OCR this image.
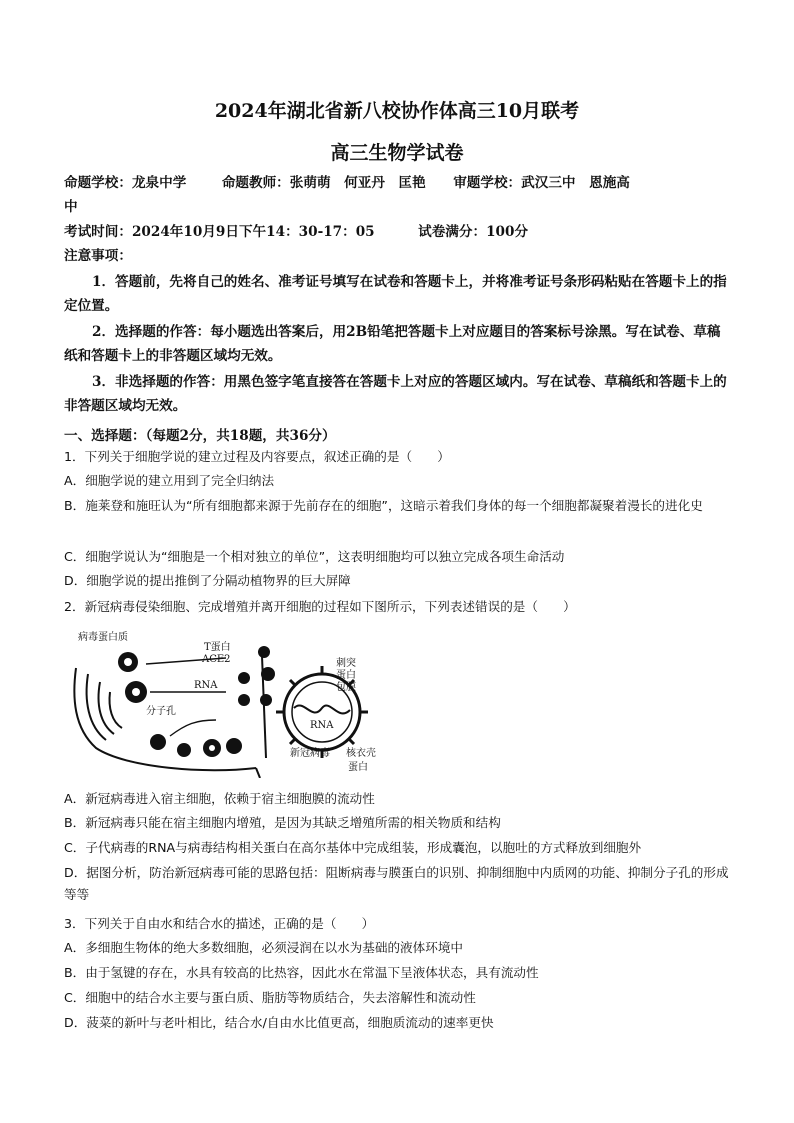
2024年湖北省新八校协作体高三10月联考
高三生物学试卷
命题学校：龙泉中学	命题教师：张萌萌　何亚丹　匡艳 审题学校：武汉三中　恩施高
中
考试时间：2024年10月9日下午14：30-17：05	试卷满分：100分
注意事项：
1．答题前，先将自己的姓名、准考证号填写在试卷和答题卡上，并将准考证号条形码粘贴在答题卡上的指定位置。
2．选择题的作答：每小题选出答案后，用2B铅笔把答题卡上对应题目的答案标号涂黑。写在试卷、草稿纸和答题卡上的非答题区域均无效。
3．非选择题的作答：用黑色签字笔直接答在答题卡上对应的答题区域内。写在试卷、草稿纸和答题卡上的非答题区域均无效。
一、选择题：（每题2分，共18题，共36分）
1．下列关于细胞学说的建立过程及内容要点，叙述正确的是（　　）
A．细胞学说的建立用到了完全归纳法
B．施莱登和施旺认为“所有细胞都来源于先前存在的细胞”，这暗示着我们身体的每一个细胞都凝聚着漫长的进化史
C．细胞学说认为“细胞是一个相对独立的单位”，这表明细胞均可以独立完成各项生命活动
D．细胞学说的提出推倒了分隔动植物界的巨大屏障
2．新冠病毒侵染细胞、完成增殖并离开细胞的过程如下图所示，下列表述错误的是（　　）
病毒蛋白质
T蛋白
ACE2
RNA
分子孔
刺突
蛋白
包膜
RNA
新冠病毒 核衣壳
蛋白
A．新冠病毒进入宿主细胞，依赖于宿主细胞膜的流动性
B．新冠病毒只能在宿主细胞内增殖，是因为其缺乏增殖所需的相关物质和结构
C．子代病毒的RNA与病毒结构相关蛋白在高尔基体中完成组装，形成囊泡，以胞吐的方式释放到细胞外
D．据图分析，防治新冠病毒可能的思路包括：阻断病毒与膜蛋白的识别、抑制细胞中内质网的功能、抑制分子孔的形成等等
3．下列关于自由水和结合水的描述，正确的是（　　）
A．多细胞生物体的绝大多数细胞，必须浸润在以水为基础的液体环境中
B．由于氢键的存在，水具有较高的比热容，因此水在常温下呈液体状态，具有流动性
C．细胞中的结合水主要与蛋白质、脂肪等物质结合，失去溶解性和流动性
D．菠菜的新叶与老叶相比，结合水/自由水比值更高，细胞质流动的速率更快
